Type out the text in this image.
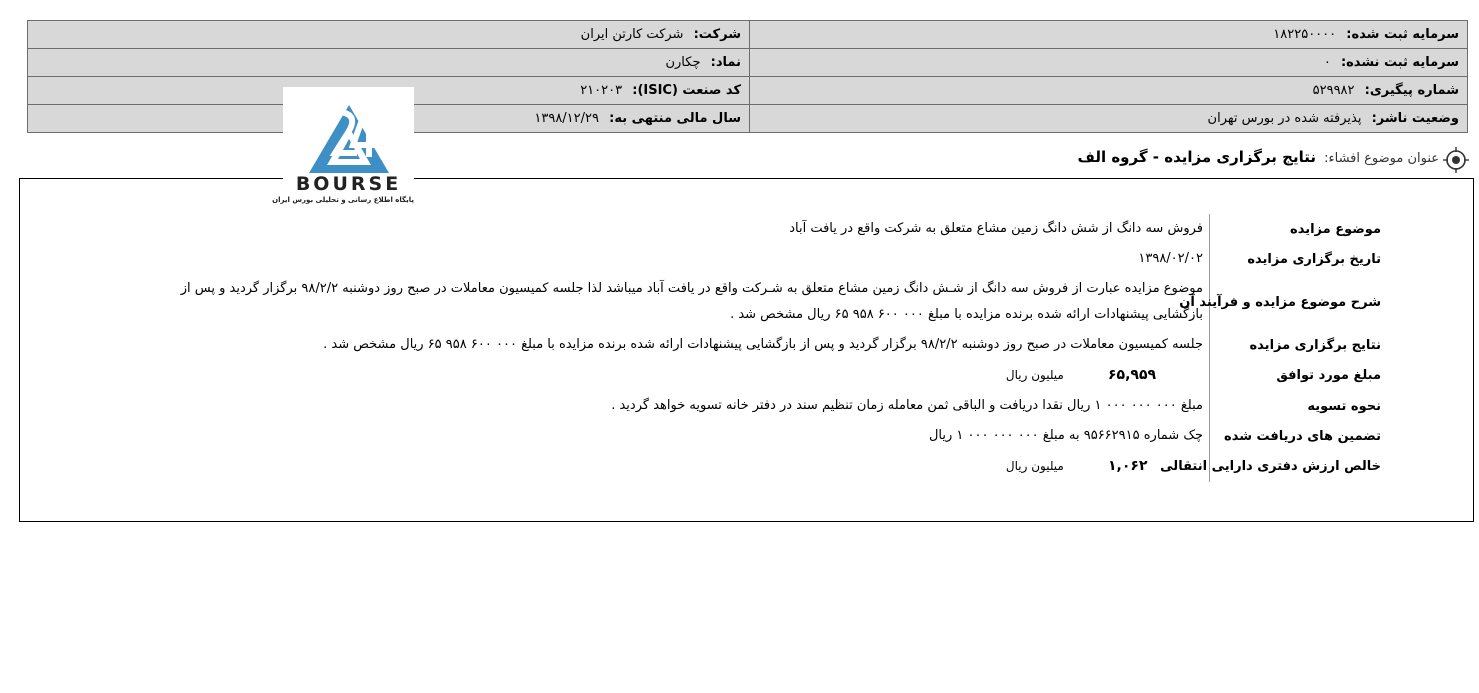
شرکت: شرکت کارتن ایران	سرمایه ثبت شده: ۱۸۲۲۵۰۰۰۰
نماد: چکارن	سرمایه ثبت نشده: ۰
کد صنعت (ISIC): ۲۱۰۲۰۳	شماره پیگیری: ۵۲۹۹۸۲
سال مالی منتهی به: ۱۳۹۸/۱۲/۲۹	وضعیت ناشر: پذیرفته شده در بورس تهران
عنوان موضوع افشاء: نتایج برگزاری مزایده - گروه الف
موضوع مزایده	فروش سه دانگ از شش دانگ زمین مشاع متعلق به شرکت واقع در یافت آباد
تاریخ برگزاری مزایده	۱۳۹۸/۰۲/۰۲
شرح موضوع مزایده و فرآیند آن	موضوع مزایده عبارت از فروش سه دانگ از شـش دانگ زمین مشاع متعلق به شـرکت واقع در یافت آباد میباشد لذا جلسه کمیسیون معاملات در صبح روز دوشنبه ۹۸/۲/۲ برگزار گردید و پس از بازگشایی پیشنهادات ارائه شده برنده مزایده با مبلغ ۰۰۰ ۶۰۰ ۹۵۸ ۶۵ ریال مشخص شد .
نتایج برگزاری مزایده	جلسه کمیسیون معاملات در صبح روز دوشنبه ۹۸/۲/۲ برگزار گردید و پس از بازگشایی پیشنهادات ارائه شده برنده مزایده با مبلغ ۰۰۰ ۶۰۰ ۹۵۸ ۶۵ ریال مشخص شد .
مبلغ مورد توافق	۶۵,۹۵۹ میلیون ریال
نحوه تسویه	مبلغ ۰۰۰ ۰۰۰ ۰۰۰ ۱ ریال نقدا دریافت و الباقی ثمن معامله زمان تنظیم سند در دفتر خانه تسویه خواهد گردید .
تضمین های دریافت شده	چک شماره ۹۵۶۶۲۹۱۵ به مبلغ ۰۰۰ ۰۰۰ ۰۰۰ ۱ ریال
خالص ارزش دفتری دارایی انتقالی	۱,۰۶۲ میلیون ریال
BOURSE
پایگاه اطلاع رسانی و تحلیلی بورس ایران
